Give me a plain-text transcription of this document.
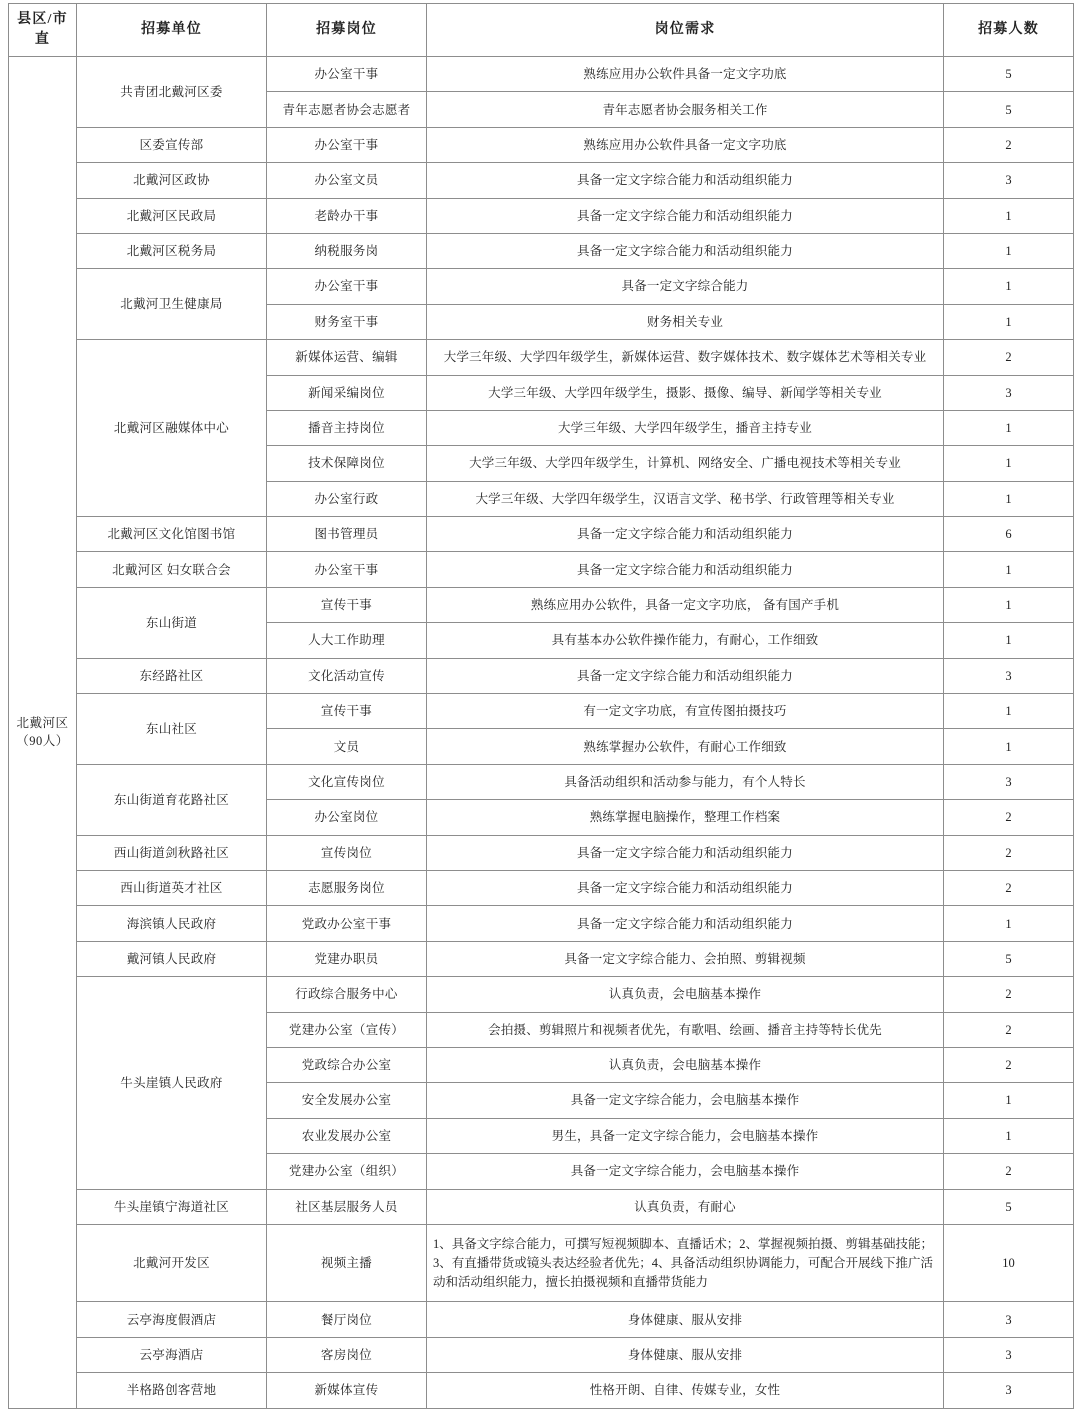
县区/市直	招募单位	招募岗位	岗位需求	招募人数

北戴河区
（90人）	共青团北戴河区委	办公室干事	熟练应用办公软件具备一定文字功底	5
		青年志愿者协会志愿者	青年志愿者协会服务相关工作	5
	区委宣传部	办公室干事	熟练应用办公软件具备一定文字功底	2
	北戴河区政协	办公室文员	具备一定文字综合能力和活动组织能力	3
	北戴河区民政局	老龄办干事	具备一定文字综合能力和活动组织能力	1
	北戴河区税务局	纳税服务岗	具备一定文字综合能力和活动组织能力	1
	北戴河卫生健康局	办公室干事	具备一定文字综合能力	1
		财务室干事	财务相关专业	1
	北戴河区融媒体中心	新媒体运营、编辑	大学三年级、大学四年级学生，新媒体运营、数字媒体技术、数字媒体艺术等相关专业	2
		新闻采编岗位	大学三年级、大学四年级学生，摄影、摄像、编导、新闻学等相关专业	3
		播音主持岗位	大学三年级、大学四年级学生，播音主持专业	1
		技术保障岗位	大学三年级、大学四年级学生，计算机、网络安全、广播电视技术等相关专业	1
		办公室行政	大学三年级、大学四年级学生，汉语言文学、秘书学、行政管理等相关专业	1
	北戴河区文化馆图书馆	图书管理员	具备一定文字综合能力和活动组织能力	6
	北戴河区 妇女联合会	办公室干事	具备一定文字综合能力和活动组织能力	1
	东山街道	宣传干事	熟练应用办公软件，具备一定文字功底， 备有国产手机	1
		人大工作助理	具有基本办公软件操作能力，有耐心，工作细致	1
	东经路社区	文化活动宣传	具备一定文字综合能力和活动组织能力	3
	东山社区	宣传干事	有一定文字功底，有宣传图拍摄技巧	1
		文员	熟练掌握办公软件，有耐心工作细致	1
	东山街道育花路社区	文化宣传岗位	具备活动组织和活动参与能力，有个人特长	3
		办公室岗位	熟练掌握电脑操作，整理工作档案	2
	西山街道剑秋路社区	宣传岗位	具备一定文字综合能力和活动组织能力	2
	西山街道英才社区	志愿服务岗位	具备一定文字综合能力和活动组织能力	2
	海滨镇人民政府	党政办公室干事	具备一定文字综合能力和活动组织能力	1
	戴河镇人民政府	党建办职员	具备一定文字综合能力、会拍照、剪辑视频	5
	牛头崖镇人民政府	行政综合服务中心	认真负责，会电脑基本操作	2
		党建办公室（宣传）	会拍摄、剪辑照片和视频者优先，有歌唱、绘画、播音主持等特长优先	2
		党政综合办公室	认真负责，会电脑基本操作	2
		安全发展办公室	具备一定文字综合能力，会电脑基本操作	1
		农业发展办公室	男生，具备一定文字综合能力，会电脑基本操作	1
		党建办公室（组织）	具备一定文字综合能力，会电脑基本操作	2
	牛头崖镇宁海道社区	社区基层服务人员	认真负责，有耐心	5
	北戴河开发区	视频主播	1、具备文字综合能力，可撰写短视频脚本、直播话术；2、掌握视频拍摄、剪辑基础技能；3、有直播带货或镜头表达经验者优先；4、具备活动组织协调能力，可配合开展线下推广活动和活动组织能力，擅长拍摄视频和直播带货能力	10
	云亭海度假酒店	餐厅岗位	身体健康、服从安排	3
	云亭海酒店	客房岗位	身体健康、服从安排	3
	半格路创客营地	新媒体宣传	性格开朗、自律、传媒专业，女性	3
